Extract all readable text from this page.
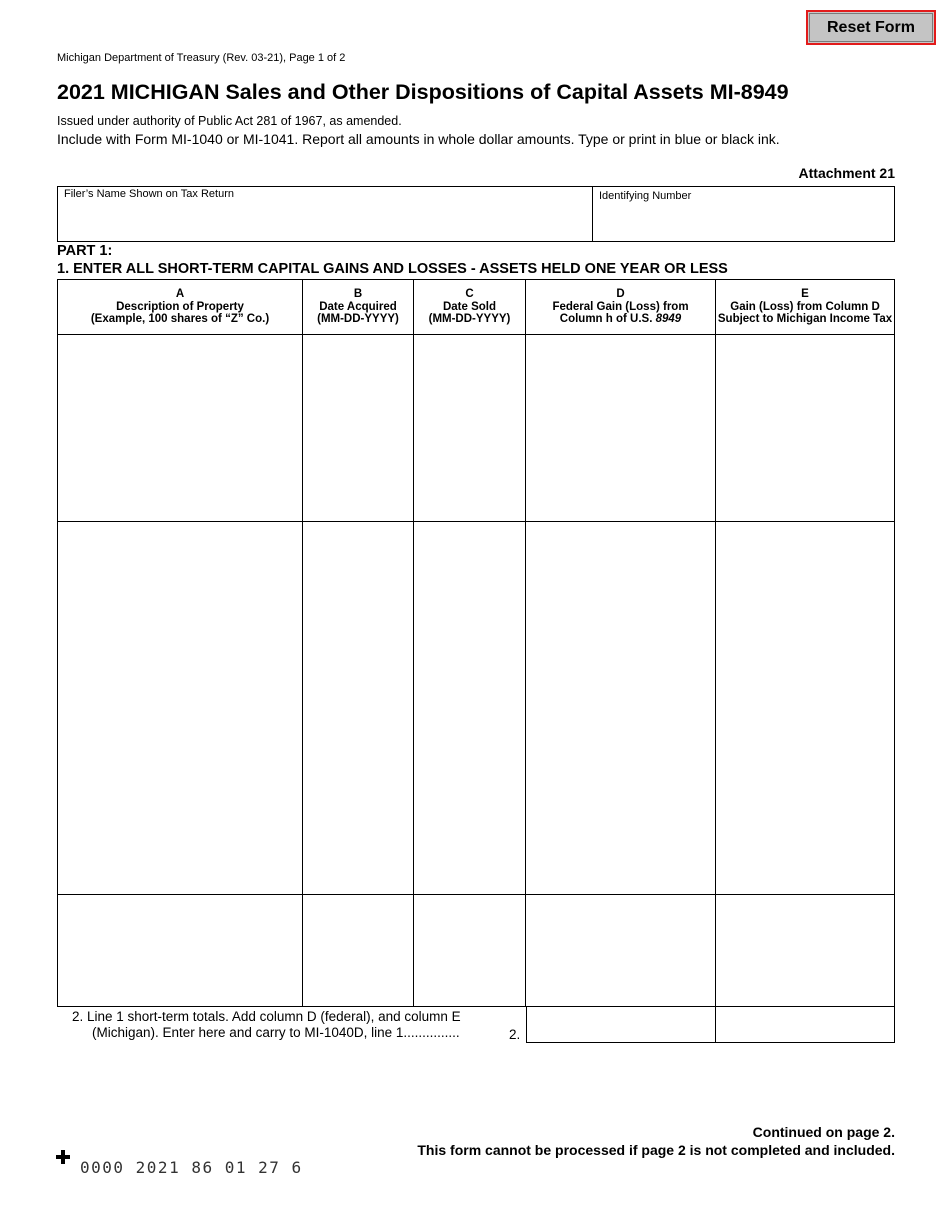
Reset Form
Michigan Department of Treasury (Rev. 03-21), Page 1 of 2
2021 MICHIGAN Sales and Other Dispositions of Capital Assets MI-8949
Issued under authority of Public Act 281 of 1967, as amended.
Include with Form MI-1040 or MI-1041. Report all amounts in whole dollar amounts. Type or print in blue or black ink.
Attachment 21
Filer’s Name Shown on Tax Return	Identifying Number
PART 1:
1. ENTER ALL SHORT-TERM CAPITAL GAINS AND LOSSES - ASSETS HELD ONE YEAR OR LESS
A
Description of Property
(Example, 100 shares of “Z” Co.)
B
Date Acquired
(MM-DD-YYYY)
C
Date Sold
(MM-DD-YYYY)
D
Federal Gain (Loss) from
Column h of U.S. 8949
E
Gain (Loss) from Column D
Subject to Michigan Income Tax
2. Line 1 short-term totals. Add column D (federal), and column E
(Michigan). Enter here and carry to MI-1040D, line 1...............	2.
Continued on page 2.
This form cannot be processed if page 2 is not completed and included.
0000 2021 86 01 27 6
